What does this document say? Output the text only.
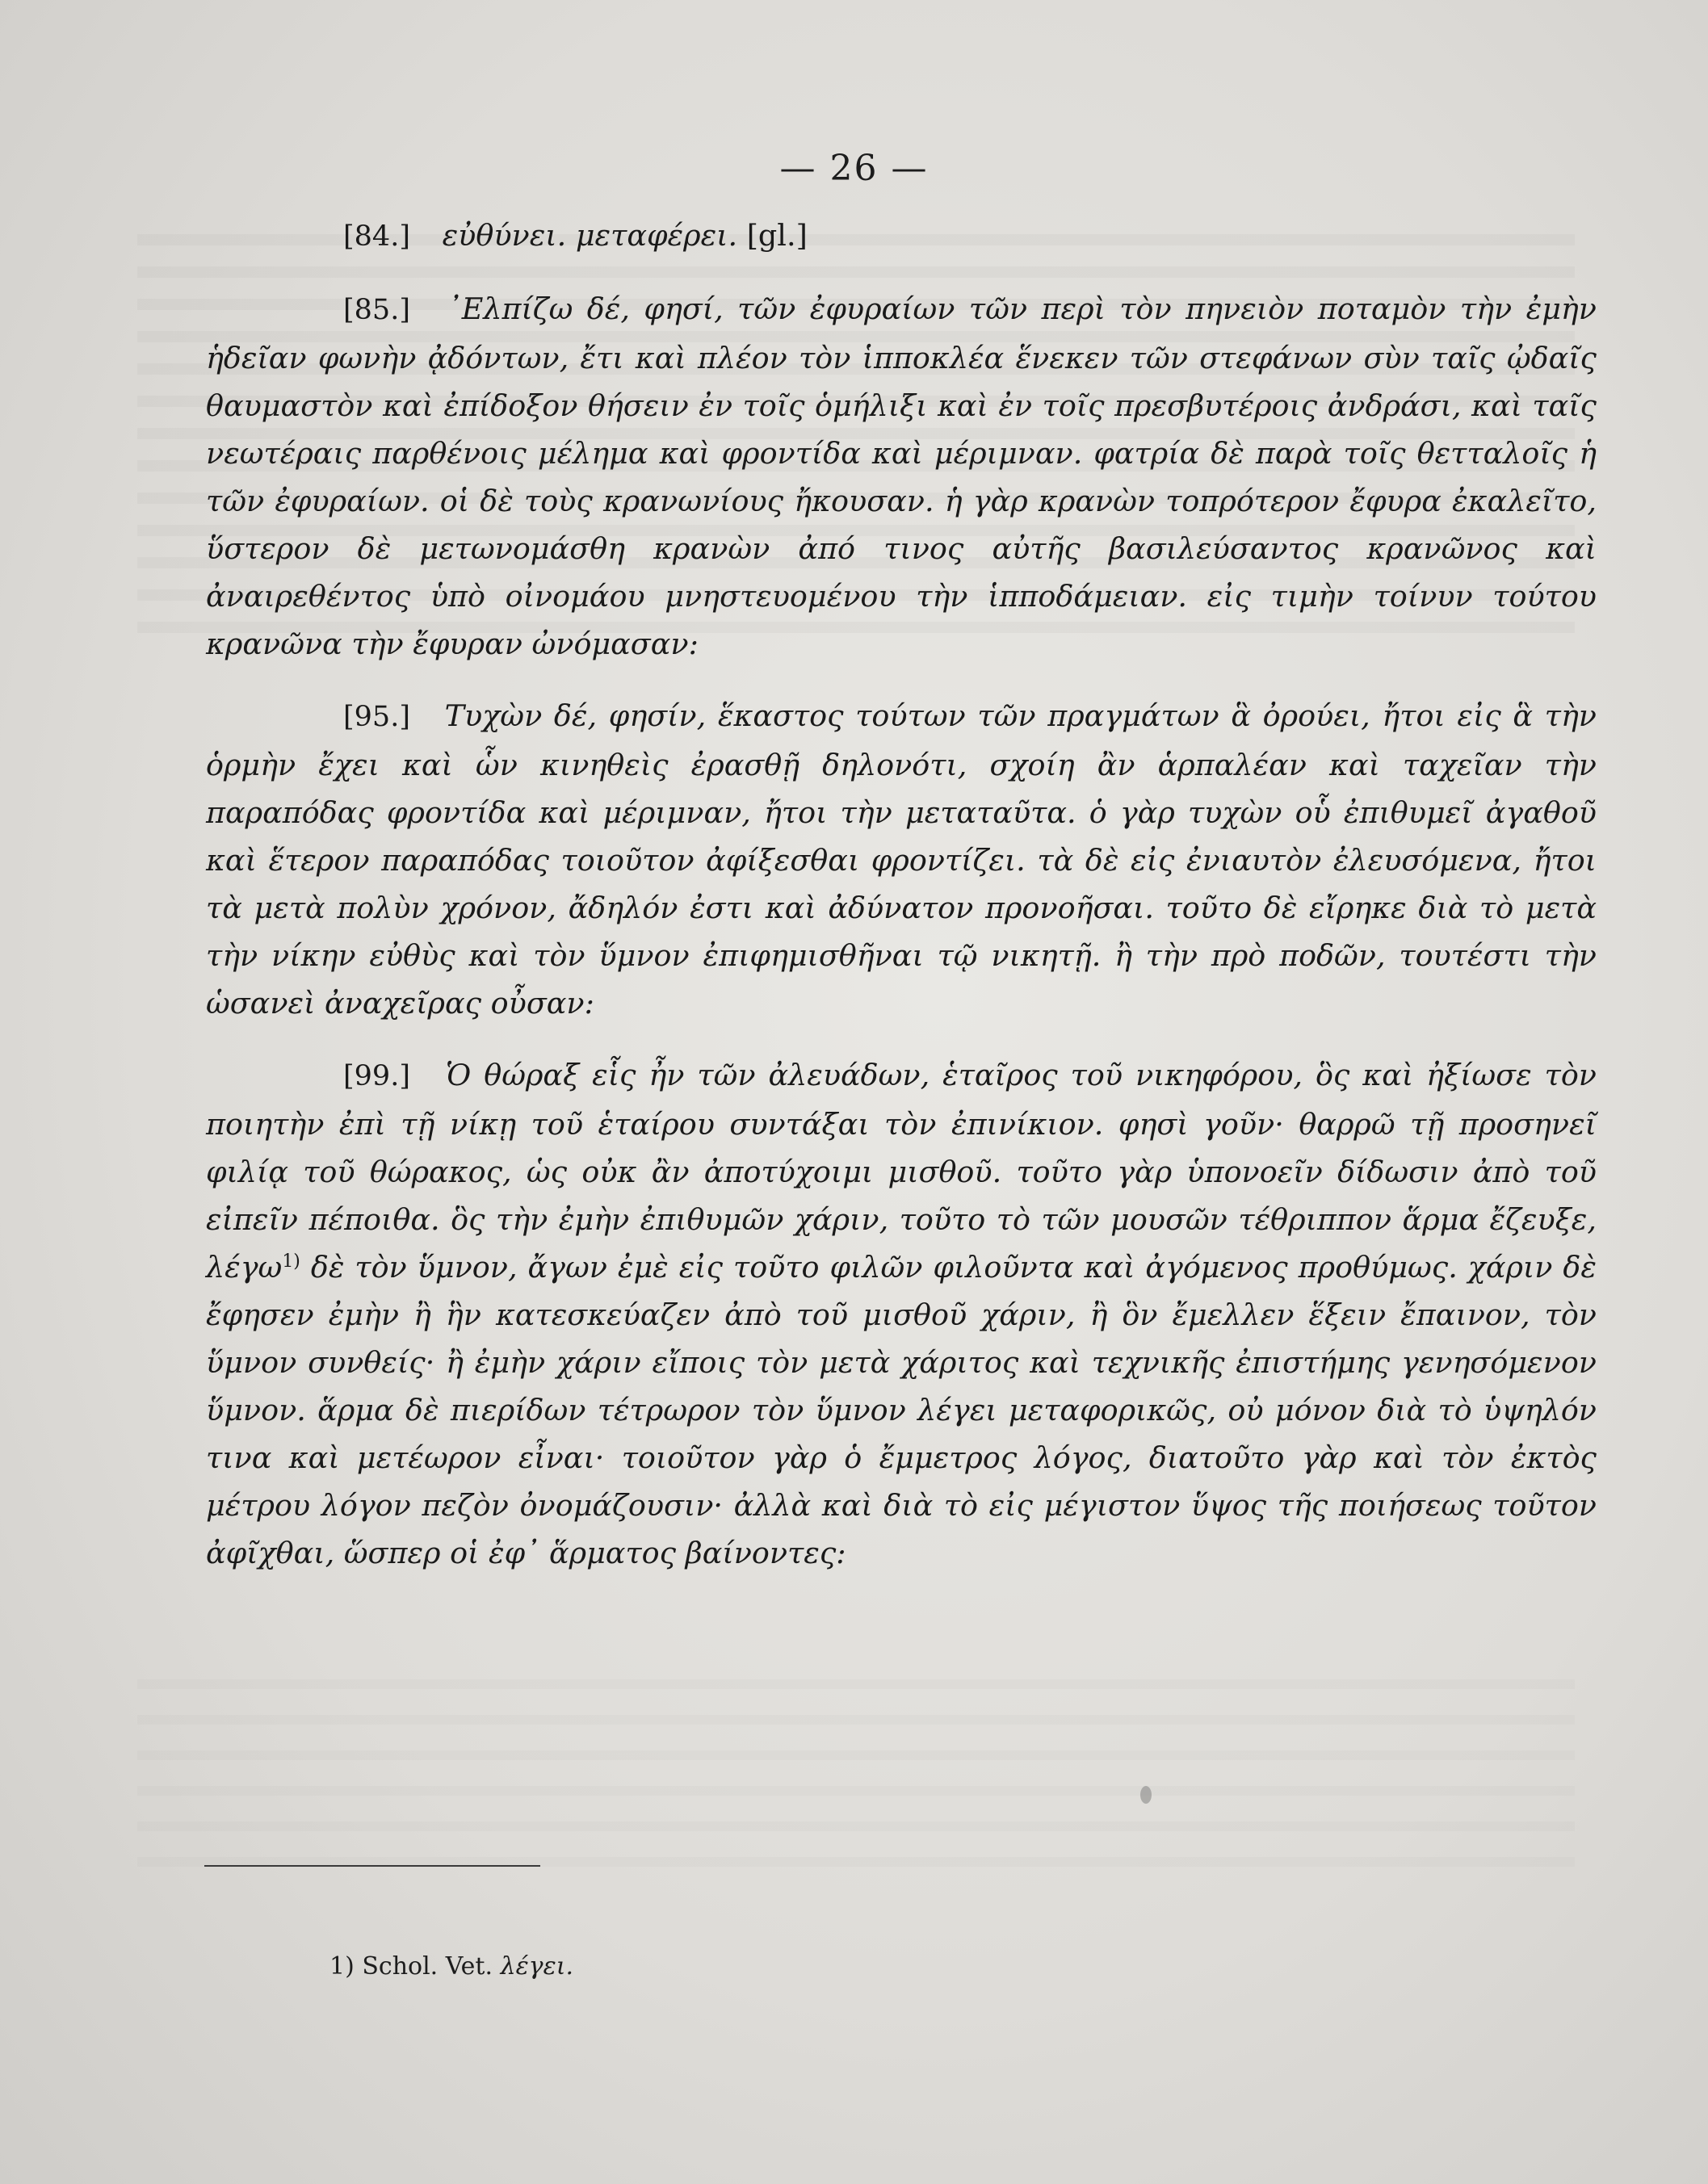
— 26 —

[84.] εὐθύνει. μεταφέρει. [gl.]

[85.] ᾽Ελπίζω δέ, φησί, τῶν ἐφυραίων τῶν περὶ τὸν πηνειὸν ποταμὸν τὴν ἐμὴν ἡδεῖαν φωνὴν ᾀδόντων, ἔτι καὶ πλέον τὸν ἱπποκλέα ἕνεκεν τῶν στεφάνων σὺν ταῖς ᾠδαῖς θαυμαστὸν καὶ ἐπίδοξον θήσειν ἐν τοῖς ὁμήλιξι καὶ ἐν τοῖς πρεσβυτέροις ἀνδράσι, καὶ ταῖς νεωτέραις παρθένοις μέλημα καὶ φροντίδα καὶ μέριμναν. φατρία δὲ παρὰ τοῖς θετταλοῖς ἡ τῶν ἐφυραίων. οἱ δὲ τοὺς κρανωνίους ἤκουσαν. ἡ γὰρ κρανὼν τοπρότερον ἔφυρα ἐκαλεῖτο, ὕστερον δὲ μετωνομάσθη κρανὼν ἀπό τινος αὐτῆς βασιλεύσαντος κρανῶνος καὶ ἀναιρεθέντος ὑπὸ οἰνομάου μνηστευομένου τὴν ἱπποδάμειαν. εἰς τιμὴν τοίνυν τούτου κρανῶνα τὴν ἔφυραν ὠνόμασαν:

[95.] Τυχὼν δέ, φησίν, ἕκαστος τούτων τῶν πραγμάτων ἃ ὀρούει, ἤτοι εἰς ἃ τὴν ὁρμὴν ἔχει καὶ ὧν κινηθεὶς ἐρασθῇ δηλονότι, σχοίη ἂν ἁρπαλέαν καὶ ταχεῖαν τὴν παραπόδας φροντίδα καὶ μέριμναν, ἤτοι τὴν μεταταῦτα. ὁ γὰρ τυχὼν οὗ ἐπιθυμεῖ ἀγαθοῦ καὶ ἕτερον παραπόδας τοιοῦτον ἀφίξεσθαι φροντίζει. τὰ δὲ εἰς ἐνιαυτὸν ἐλευσόμενα, ἤτοι τὰ μετὰ πολὺν χρόνον, ἄδηλόν ἐστι καὶ ἀδύνατον προνοῆσαι. τοῦτο δὲ εἴρηκε διὰ τὸ μετὰ τὴν νίκην εὐθὺς καὶ τὸν ὕμνον ἐπιφημισθῆναι τῷ νικητῇ. ἢ τὴν πρὸ ποδῶν, τουτέστι τὴν ὡσανεὶ ἀναχεῖρας οὖσαν:

[99.] Ὁ θώραξ εἷς ἦν τῶν ἀλευάδων, ἑταῖρος τοῦ νικηφόρου, ὃς καὶ ἠξίωσε τὸν ποιητὴν ἐπὶ τῇ νίκῃ τοῦ ἑταίρου συντάξαι τὸν ἐπινίκιον. φησὶ γοῦν· θαρρῶ τῇ προσηνεῖ φιλίᾳ τοῦ θώρακος, ὡς οὐκ ἂν ἀποτύχοιμι μισθοῦ. τοῦτο γὰρ ὑπονοεῖν δίδωσιν ἀπὸ τοῦ εἰπεῖν πέποιθα. ὃς τὴν ἐμὴν ἐπιθυμῶν χάριν, τοῦτο τὸ τῶν μουσῶν τέθριππον ἅρμα ἔζευξε, λέγω$^{1)}$ δὲ τὸν ὕμνον, ἄγων ἐμὲ εἰς τοῦτο φιλῶν φιλοῦντα καὶ ἀγόμενος προθύμως. χάριν δὲ ἔφησεν ἐμὴν ἢ ἣν κατεσκεύαζεν ἀπὸ τοῦ μισθοῦ χάριν, ἢ ὃν ἔμελλεν ἕξειν ἔπαινον, τὸν ὕμνον συνθείς· ἢ ἐμὴν χάριν εἴποις τὸν μετὰ χάριτος καὶ τεχνικῆς ἐπιστήμης γενησόμενον ὕμνον. ἅρμα δὲ πιερίδων τέτρωρον τὸν ὕμνον λέγει μεταφορικῶς, οὐ μόνον διὰ τὸ ὑψηλόν τινα καὶ μετέωρον εἶναι· τοιοῦτον γὰρ ὁ ἔμμετρος λόγος, διατοῦτο γὰρ καὶ τὸν ἐκτὸς μέτρου λόγον πεζὸν ὀνομάζουσιν· ἀλλὰ καὶ διὰ τὸ εἰς μέγιστον ὕψος τῆς ποιήσεως τοῦτον ἀφῖχθαι, ὥσπερ οἱ ἐφ᾽ ἅρματος βαίνοντες:

1) Schol. Vet. λέγει.
